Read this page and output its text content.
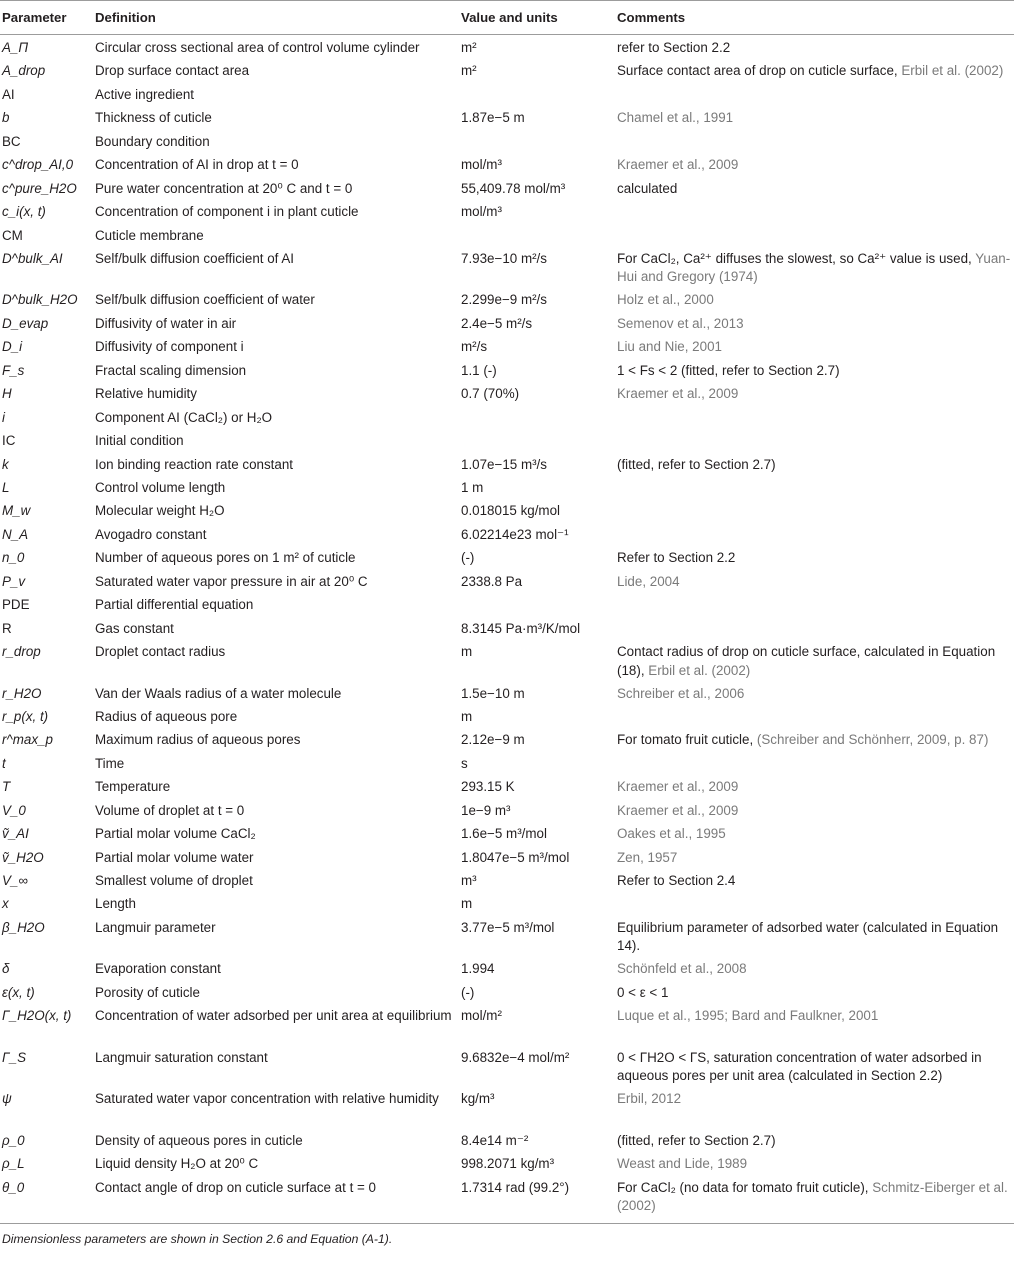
Parameter	Definition	Value and units	Comments
A_Π	Circular cross sectional area of control volume cylinder	m²	refer to Section 2.2
A_drop	Drop surface contact area	m²	Surface contact area of drop on cuticle surface, Erbil et al. (2002)
AI	Active ingredient		
b	Thickness of cuticle	1.87e−5 m	Chamel et al., 1991
BC	Boundary condition		
c^drop_AI,0	Concentration of AI in drop at t = 0	mol/m³	Kraemer et al., 2009
c^pure_H2O	Pure water concentration at 20⁰ C and t = 0	55,409.78 mol/m³	calculated
c_i(x, t)	Concentration of component i in plant cuticle	mol/m³	
CM	Cuticle membrane		
D^bulk_AI	Self/bulk diffusion coefficient of AI	7.93e−10 m²/s	For CaCl₂, Ca²⁺ diffuses the slowest, so Ca²⁺ value is used, Yuan-Hui and Gregory (1974)
D^bulk_H2O	Self/bulk diffusion coefficient of water	2.299e−9 m²/s	Holz et al., 2000
D_evap	Diffusivity of water in air	2.4e−5 m²/s	Semenov et al., 2013
D_i	Diffusivity of component i	m²/s	Liu and Nie, 2001
F_s	Fractal scaling dimension	1.1 (-)	1 < Fs < 2 (fitted, refer to Section 2.7)
H	Relative humidity	0.7 (70%)	Kraemer et al., 2009
i	Component AI (CaCl₂) or H₂O		
IC	Initial condition		
k	Ion binding reaction rate constant	1.07e−15 m³/s	(fitted, refer to Section 2.7)
L	Control volume length	1 m	
M_w	Molecular weight H₂O	0.018015 kg/mol	
N_A	Avogadro constant	6.02214e23 mol⁻¹	
n_0	Number of aqueous pores on 1 m² of cuticle	(-)	Refer to Section 2.2
P_v	Saturated water vapor pressure in air at 20⁰ C	2338.8 Pa	Lide, 2004
PDE	Partial differential equation		
R	Gas constant	8.3145 Pa·m³/K/mol	
r_drop	Droplet contact radius	m	Contact radius of drop on cuticle surface, calculated in Equation (18), Erbil et al. (2002)
r_H2O	Van der Waals radius of a water molecule	1.5e−10 m	Schreiber et al., 2006
r_p(x, t)	Radius of aqueous pore	m	
r^max_p	Maximum radius of aqueous pores	2.12e−9 m	For tomato fruit cuticle, (Schreiber and Schönherr, 2009, p. 87)
t	Time	s	
T	Temperature	293.15 K	Kraemer et al., 2009
V_0	Volume of droplet at t = 0	1e−9 m³	Kraemer et al., 2009
ṽ_AI	Partial molar volume CaCl₂	1.6e−5 m³/mol	Oakes et al., 1995
ṽ_H2O	Partial molar volume water	1.8047e−5 m³/mol	Zen, 1957
V_∞	Smallest volume of droplet	m³	Refer to Section 2.4
x	Length	m	
β_H2O	Langmuir parameter	3.77e−5 m³/mol	Equilibrium parameter of adsorbed water (calculated in Equation 14).
δ	Evaporation constant	1.994	Schönfeld et al., 2008
ε(x, t)	Porosity of cuticle	(-)	0 < ε < 1
Γ_H2O(x, t)	Concentration of water adsorbed per unit area at equilibrium	mol/m²	Luque et al., 1995; Bard and Faulkner, 2001
Γ_S	Langmuir saturation constant	9.6832e−4 mol/m²	0 < ΓH2O < ΓS, saturation concentration of water adsorbed in aqueous pores per unit area (calculated in Section 2.2)
ψ	Saturated water vapor concentration with relative humidity	kg/m³	Erbil, 2012
ρ_0	Density of aqueous pores in cuticle	8.4e14 m⁻²	(fitted, refer to Section 2.7)
ρ_L	Liquid density H₂O at 20⁰ C	998.2071 kg/m³	Weast and Lide, 1989
θ_0	Contact angle of drop on cuticle surface at t = 0	1.7314 rad (99.2°)	For CaCl₂ (no data for tomato fruit cuticle), Schmitz-Eiberger et al. (2002)
Dimensionless parameters are shown in Section 2.6 and Equation (A-1).
